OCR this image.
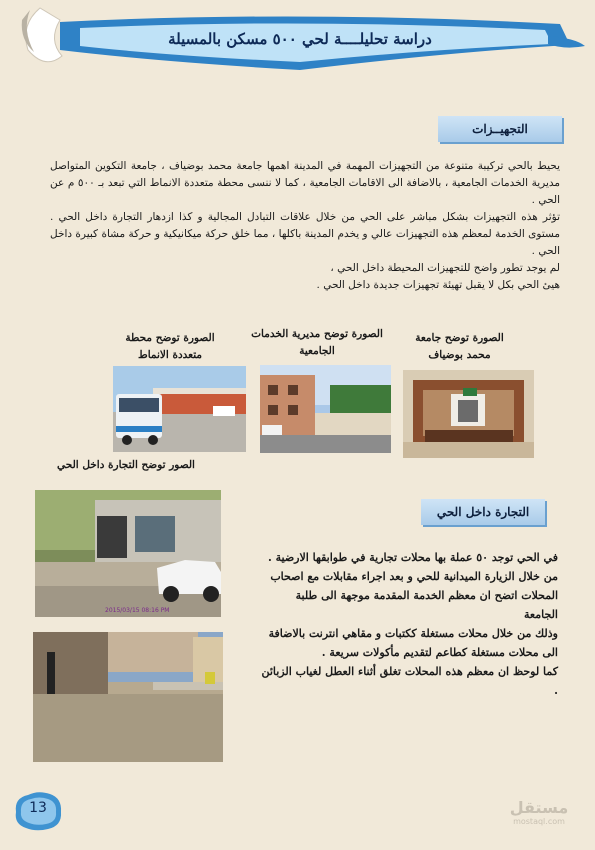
دراسة تحليلــــة لحي ٥٠٠ مسكن بالمسيلة
التجهيــزات

يحيط بالحي تركيبة متنوعة من التجهيزات المهمة في المدينة اهمها جامعة محمد بوضياف ، جامعة التكوين المتواصل مديرية الخدمات الجامعية ، بالاضافة الى الاقامات الجامعية ، كما لا ننسى محطة متعددة الانماط التي تبعد بـ ٥٠٠ م عن الحي .

تؤثر هذه التجهيزات بشكل مباشر على الحي من خلال علاقات التبادل المجالية و كذا ازدهار التجارة داخل الحي . مستوى الخدمة لمعظم هذه التجهيزات عالي و يخدم المدينة باكلها ، مما خلق حركة ميكانيكية و حركة مشاة كبيرة داخل الحي .

لم يوجد تطور واضح للتجهيزات المحيطة داخل الحي ،

هيئ الحي بكل لا يقبل تهيئة تجهيزات جديدة داخل الحي .

الصورة توضح جامعة محمد بوضياف
الصورة توضح مديرية الخدمات الجامعية
الصورة توضح محطة متعددة الانماط
الصور توضح التجارة داخل الحي
التجارة داخل الحي
2015/03/15 08:16 PM

في الحي توجد ٥٠ عملة بها محلات تجارية في طوابقها الارضية .

من خلال الزيارة الميدانية للحي و بعد اجراء مقابلات مع اصحاب

المحلات اتضح ان معظم الخدمة المقدمة موجهة الى طلبة الجامعة

وذلك من خلال محلات مستغلة ككتبات و مقاهي انترنت بالاضافة

الى محلات مستغلة كطاعم لتقديم مأكولات سريعة .

كما لوحظ ان معظم هذه المحلات تغلق أثناء العطل لغياب الزبائن .

13	مستقل
mostaql.com
